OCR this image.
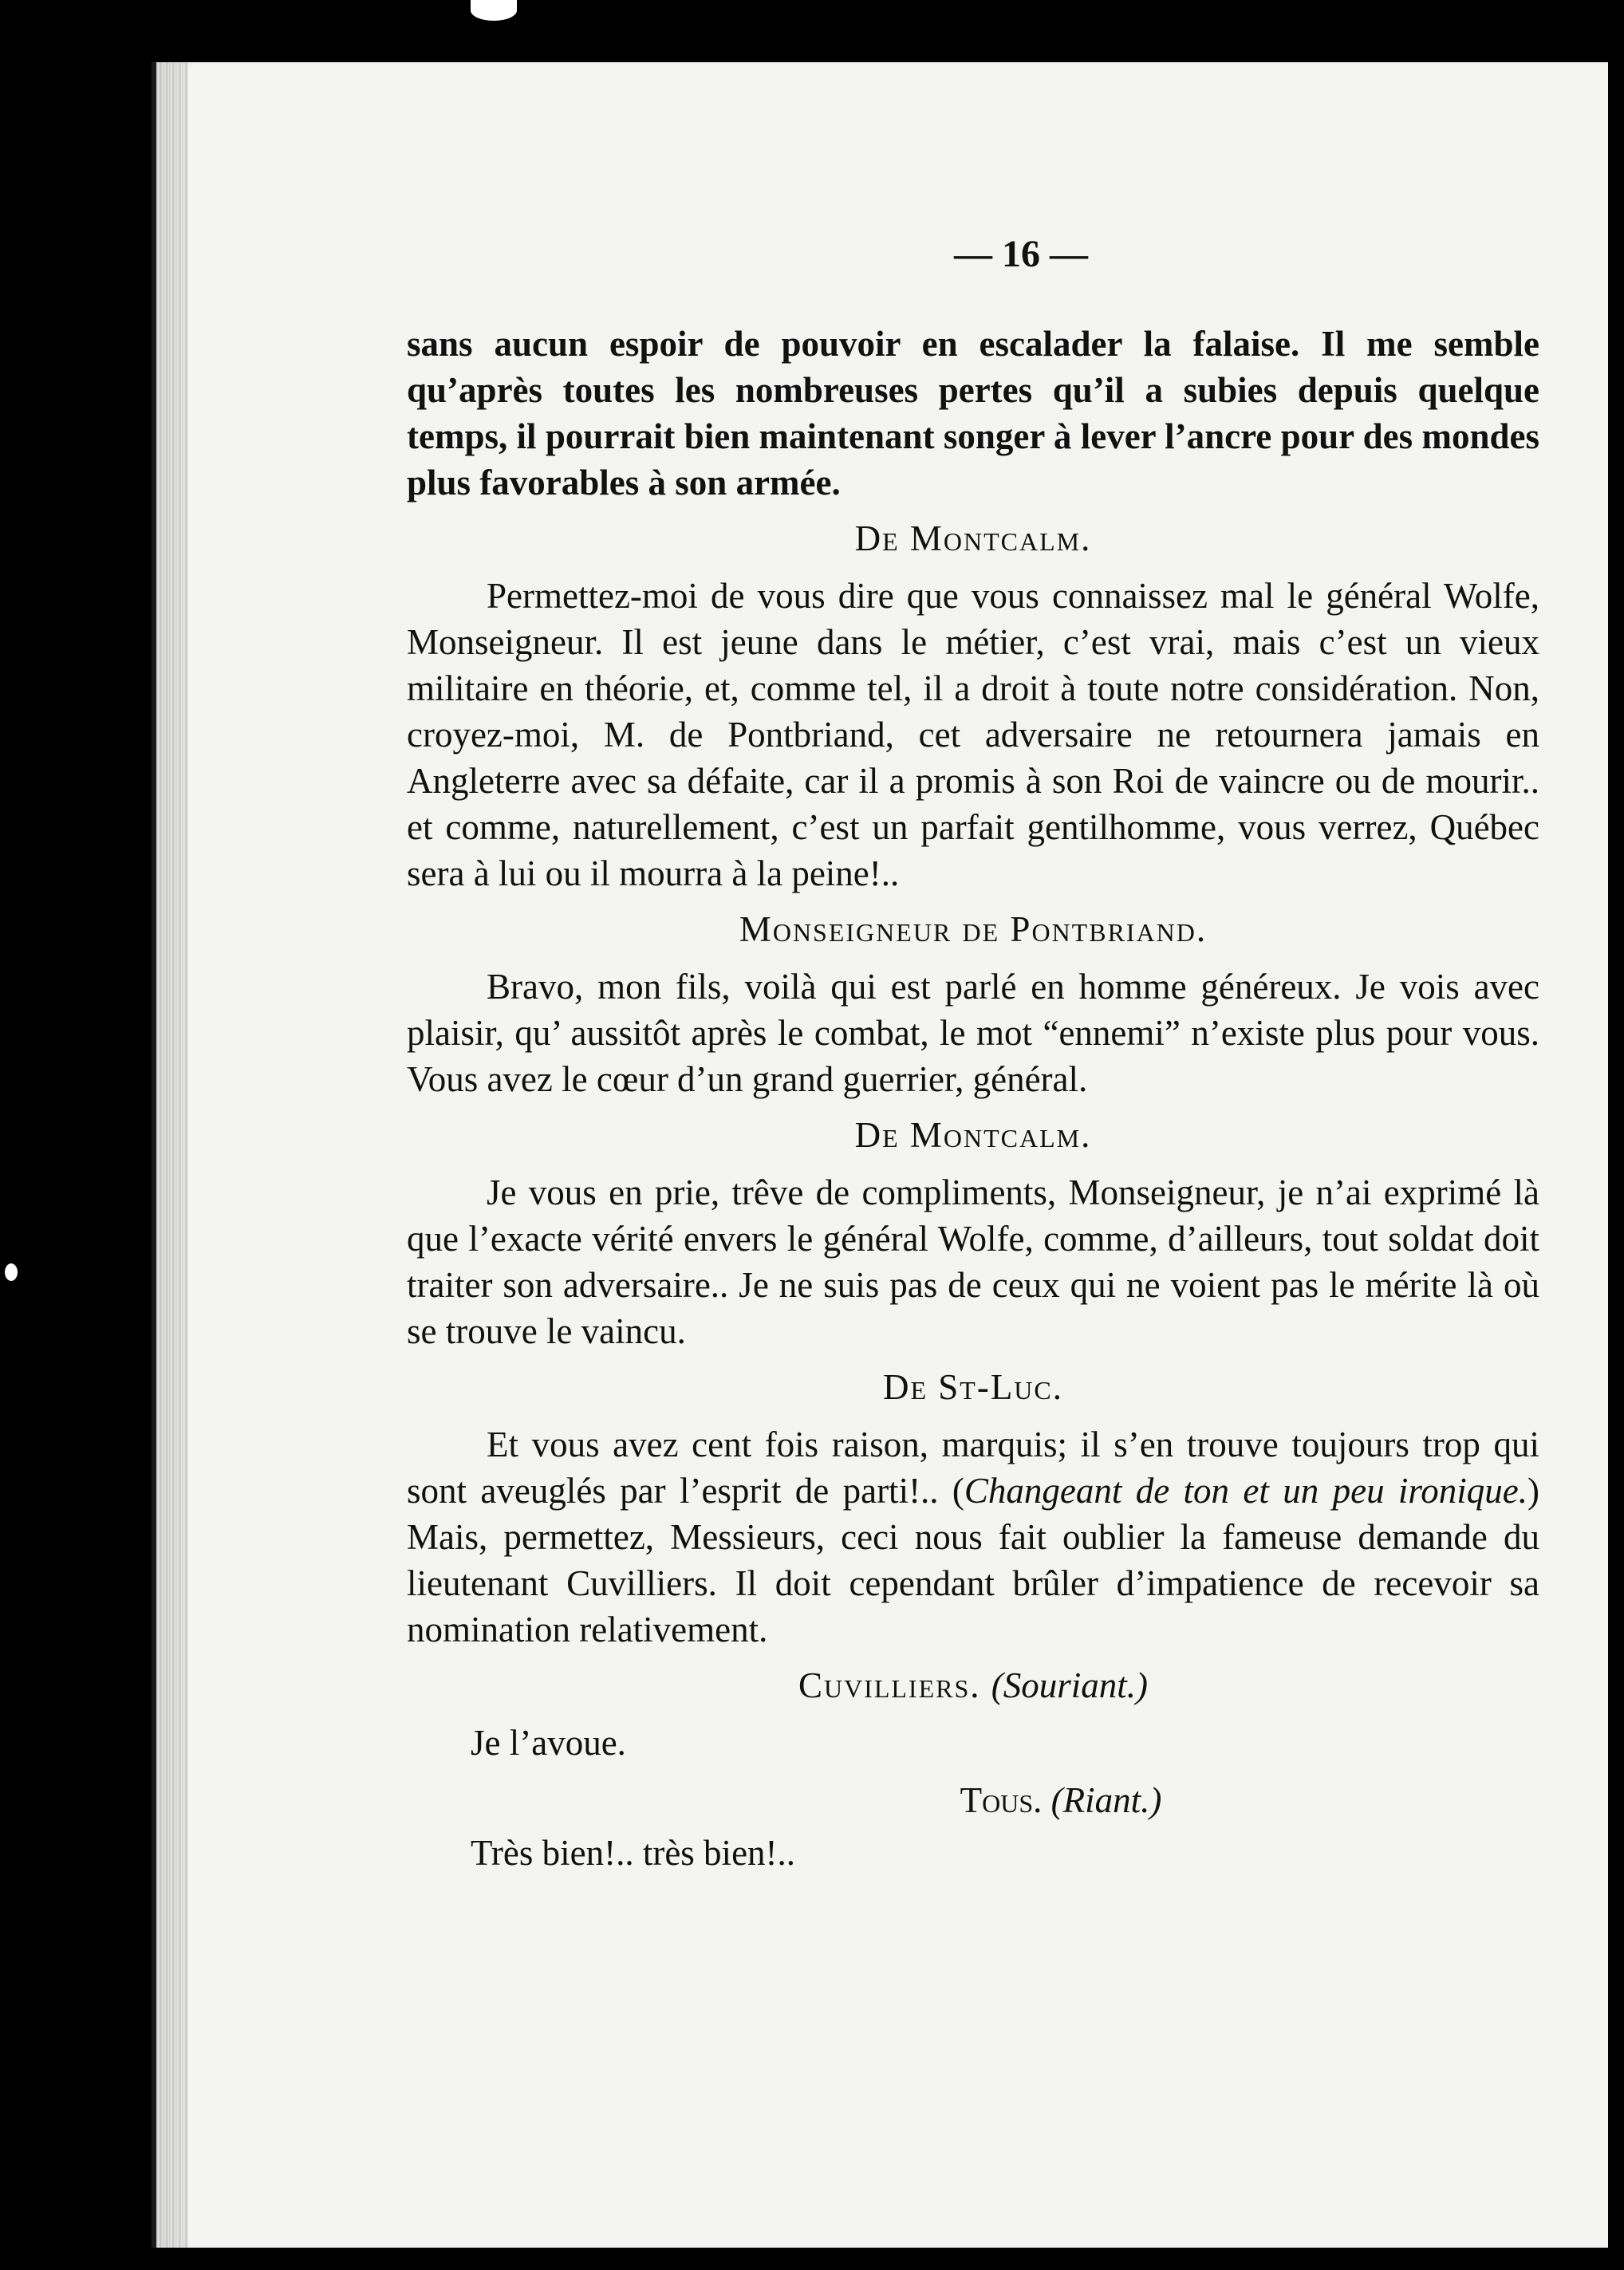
— 16 —

sans aucun espoir de pouvoir en escalader la falaise. Il me semble qu’après toutes les nombreuses pertes qu’il a subies depuis quelque temps, il pourrait bien maintenant songer à lever l’ancre pour des mondes plus favorables à son armée.

De Montcalm.

Permettez-moi de vous dire que vous connaissez mal le général Wolfe, Monseigneur. Il est jeune dans le métier, c’est vrai, mais c’est un vieux militaire en théorie, et, comme tel, il a droit à toute notre considération. Non, croyez-moi, M. de Pontbriand, cet adversaire ne retournera jamais en Angleterre avec sa défaite, car il a promis à son Roi de vaincre ou de mourir.. et comme, naturellement, c’est un parfait gentilhomme, vous verrez, Québec sera à lui ou il mourra à la peine!..

Monseigneur de Pontbriand.

Bravo, mon fils, voilà qui est parlé en homme généreux. Je vois avec plaisir, qu’ aussitôt après le combat, le mot “ennemi” n’existe plus pour vous. Vous avez le cœur d’un grand guerrier, général.

De Montcalm.

Je vous en prie, trêve de compliments, Monseigneur, je n’ai exprimé là que l’exacte vérité envers le général Wolfe, comme, d’ailleurs, tout soldat doit traiter son adversaire.. Je ne suis pas de ceux qui ne voient pas le mérite là où se trouve le vaincu.

De St-Luc.

Et vous avez cent fois raison, marquis; il s’en trouve toujours trop qui sont aveuglés par l’esprit de parti!.. (Changeant de ton et un peu ironique.) Mais, permettez, Messieurs, ceci nous fait oublier la fameuse demande du lieutenant Cuvilliers. Il doit cependant brûler d’impatience de recevoir sa nomination relativement.

Cuvilliers. (Souriant.)
Je l’avoue.
Tous. (Riant.)
Très bien!.. très bien!..
